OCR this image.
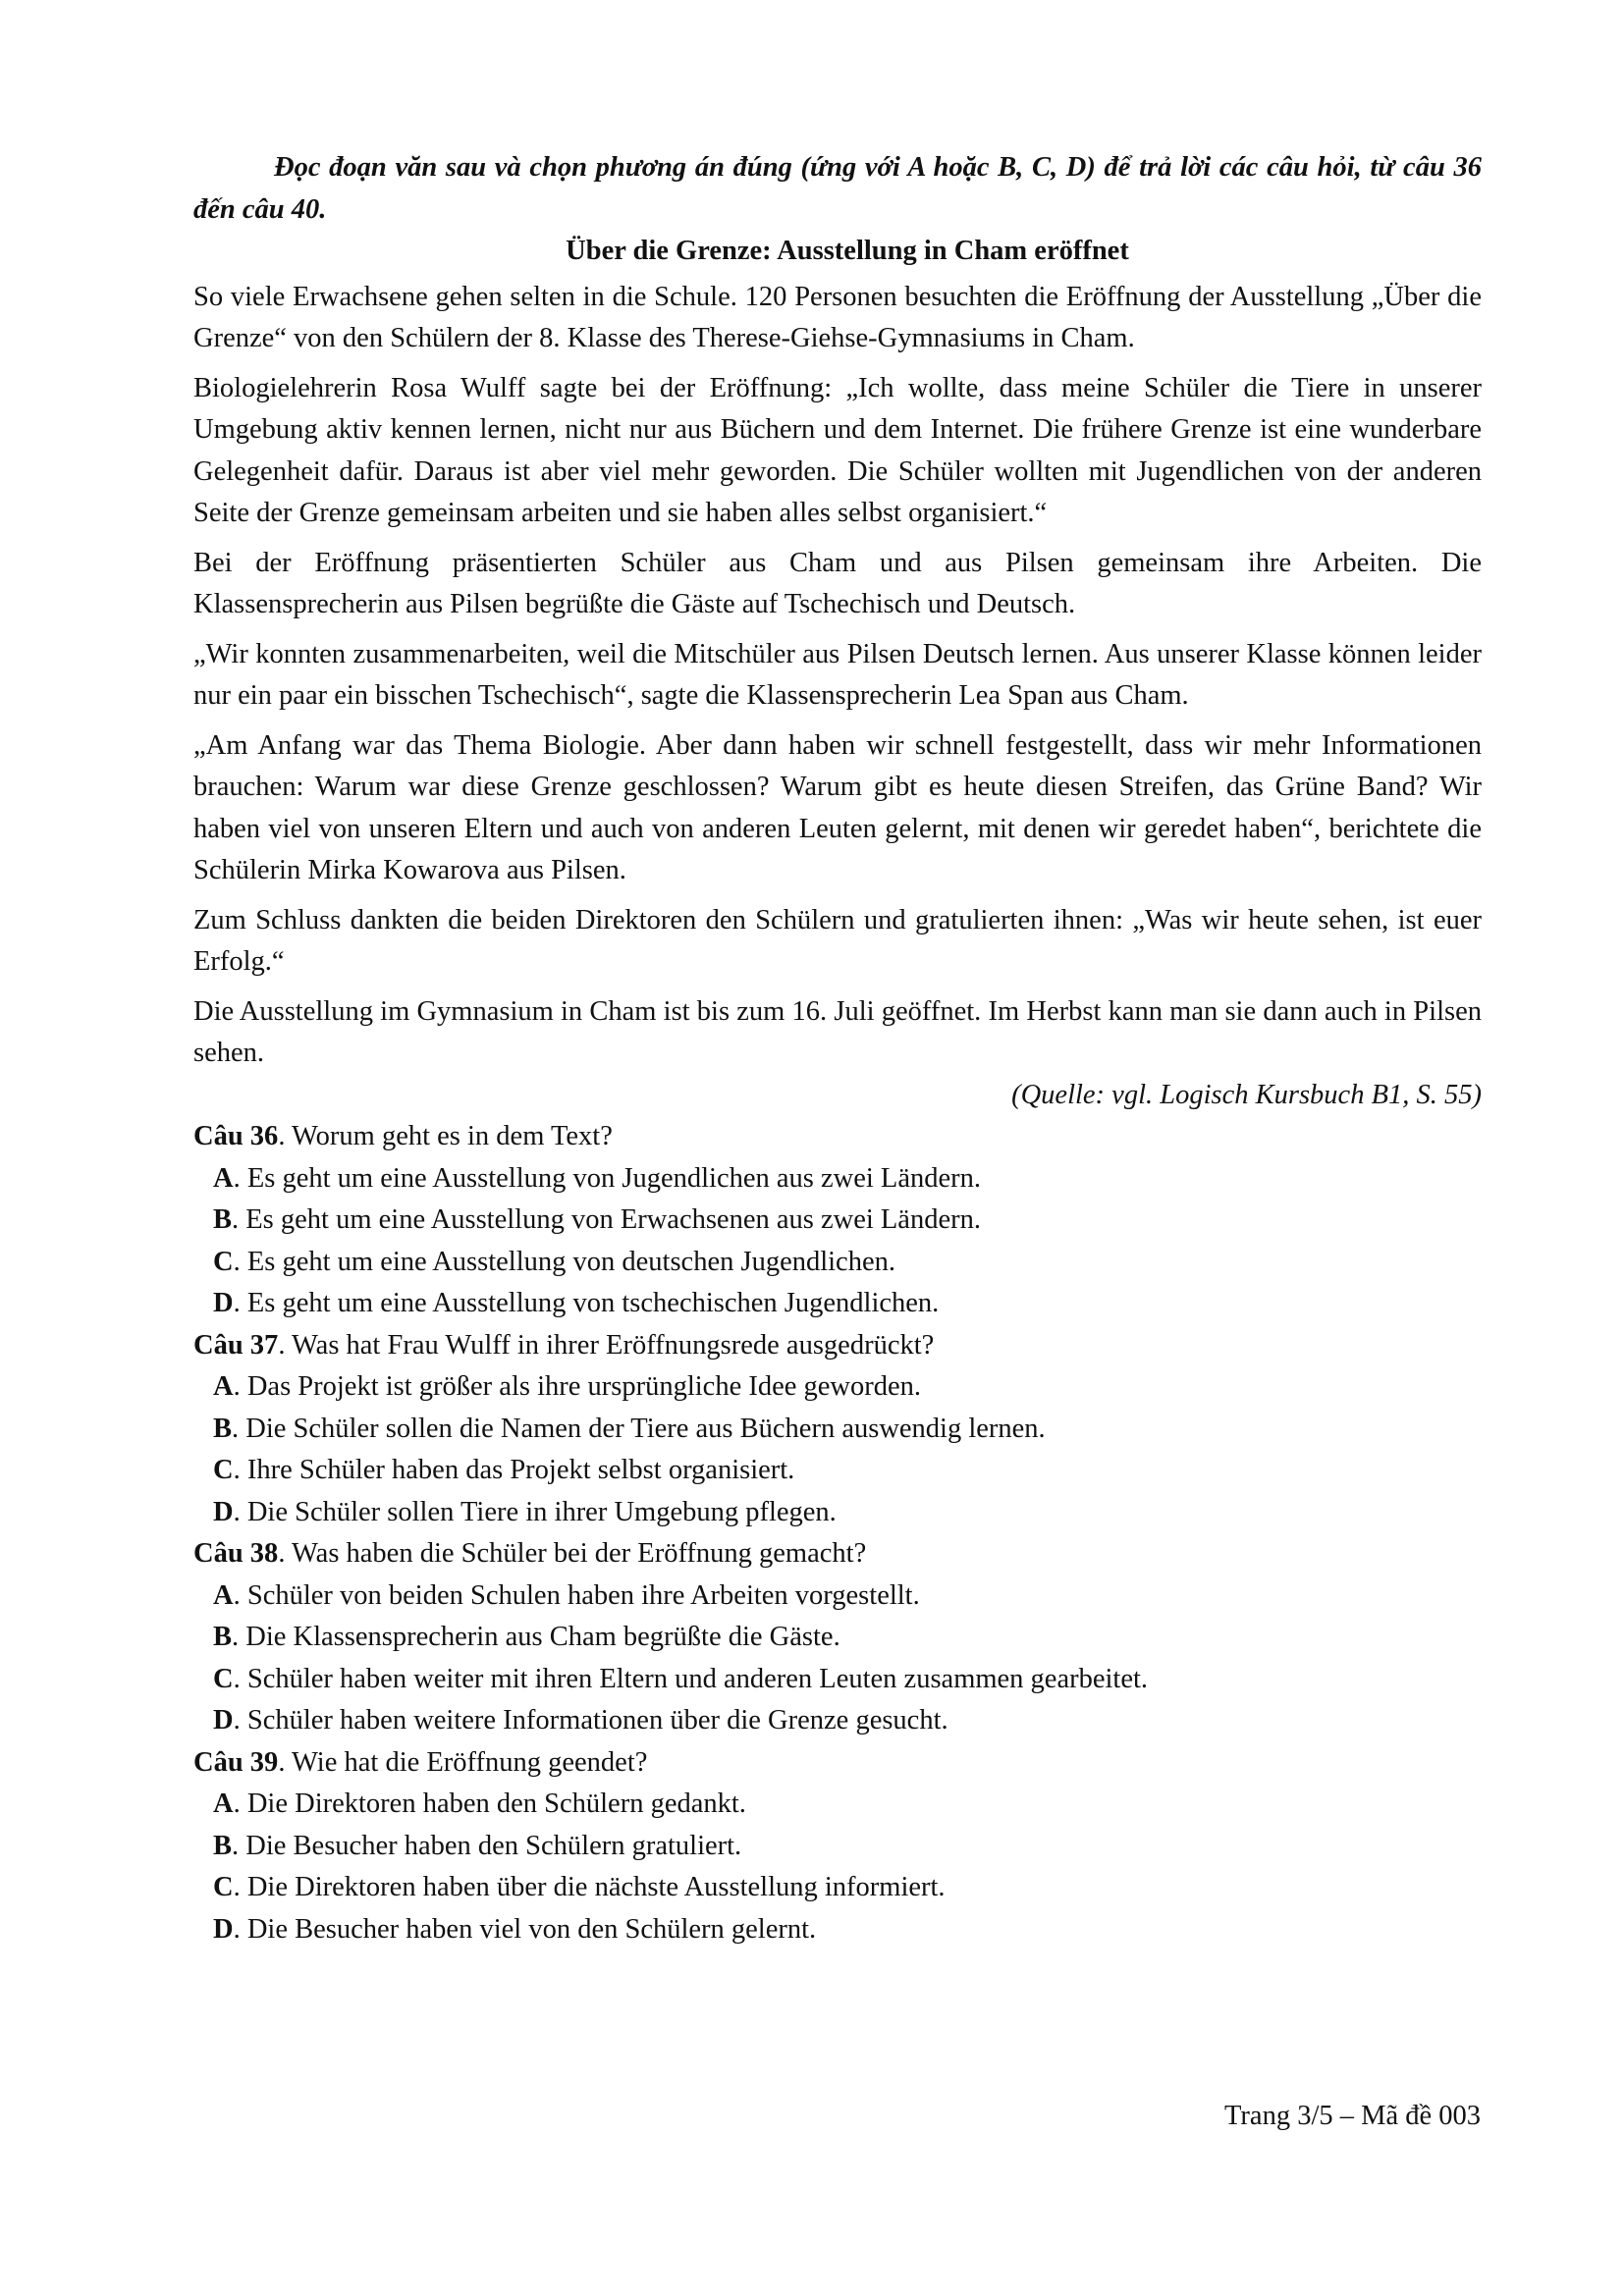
Đọc đoạn văn sau và chọn phương án đúng (ứng với A hoặc B, C, D) để trả lời các câu hỏi, từ câu 36 đến câu 40.

Über die Grenze: Ausstellung in Cham eröffnet

So viele Erwachsene gehen selten in die Schule. 120 Personen besuchten die Eröffnung der Ausstellung „Über die Grenze“ von den Schülern der 8. Klasse des Therese-Giehse-Gymnasiums in Cham.

Biologielehrerin Rosa Wulff sagte bei der Eröffnung: „Ich wollte, dass meine Schüler die Tiere in unserer Umgebung aktiv kennen lernen, nicht nur aus Büchern und dem Internet. Die frühere Grenze ist eine wunderbare Gelegenheit dafür. Daraus ist aber viel mehr geworden. Die Schüler wollten mit Jugendlichen von der anderen Seite der Grenze gemeinsam arbeiten und sie haben alles selbst organisiert.“

Bei der Eröffnung präsentierten Schüler aus Cham und aus Pilsen gemeinsam ihre Arbeiten. Die Klassensprecherin aus Pilsen begrüßte die Gäste auf Tschechisch und Deutsch.

„Wir konnten zusammenarbeiten, weil die Mitschüler aus Pilsen Deutsch lernen. Aus unserer Klasse können leider nur ein paar ein bisschen Tschechisch“, sagte die Klassensprecherin Lea Span aus Cham.

„Am Anfang war das Thema Biologie. Aber dann haben wir schnell festgestellt, dass wir mehr Informationen brauchen: Warum war diese Grenze geschlossen? Warum gibt es heute diesen Streifen, das Grüne Band? Wir haben viel von unseren Eltern und auch von anderen Leuten gelernt, mit denen wir geredet haben“, berichtete die Schülerin Mirka Kowarova aus Pilsen.

Zum Schluss dankten die beiden Direktoren den Schülern und gratulierten ihnen: „Was wir heute sehen, ist euer Erfolg.“

Die Ausstellung im Gymnasium in Cham ist bis zum 16. Juli geöffnet. Im Herbst kann man sie dann auch in Pilsen sehen.

(Quelle: vgl. Logisch Kursbuch B1, S. 55)

Câu 36. Worum geht es in dem Text?

A. Es geht um eine Ausstellung von Jugendlichen aus zwei Ländern.

B. Es geht um eine Ausstellung von Erwachsenen aus zwei Ländern.

C. Es geht um eine Ausstellung von deutschen Jugendlichen.

D. Es geht um eine Ausstellung von tschechischen Jugendlichen.

Câu 37. Was hat Frau Wulff in ihrer Eröffnungsrede ausgedrückt?

A. Das Projekt ist größer als ihre ursprüngliche Idee geworden.

B. Die Schüler sollen die Namen der Tiere aus Büchern auswendig lernen.

C. Ihre Schüler haben das Projekt selbst organisiert.

D. Die Schüler sollen Tiere in ihrer Umgebung pflegen.

Câu 38. Was haben die Schüler bei der Eröffnung gemacht?

A. Schüler von beiden Schulen haben ihre Arbeiten vorgestellt.

B. Die Klassensprecherin aus Cham begrüßte die Gäste.

C. Schüler haben weiter mit ihren Eltern und anderen Leuten zusammen gearbeitet.

D. Schüler haben weitere Informationen über die Grenze gesucht.

Câu 39. Wie hat die Eröffnung geendet?

A. Die Direktoren haben den Schülern gedankt.

B. Die Besucher haben den Schülern gratuliert.

C. Die Direktoren haben über die nächste Ausstellung informiert.

D. Die Besucher haben viel von den Schülern gelernt.

Trang 3/5 – Mã đề 003
